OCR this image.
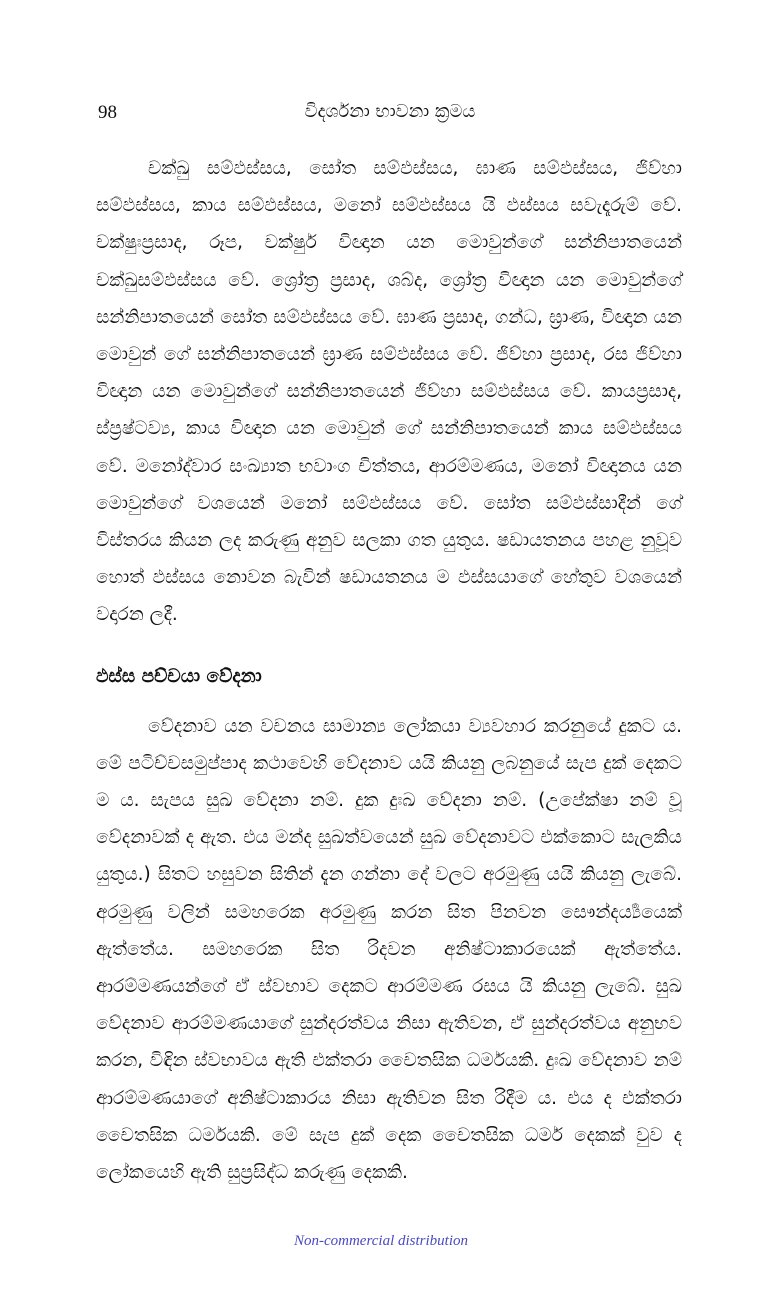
98	විදර්ශනා භාවනා ක්‍රමය

චක්ඛු සම්ඵස්සය, සෝත සම්ඵස්සය, ඝාණ සම්ඵස්සය, ජිව්හා සම්ඵස්සය, කාය සම්ඵස්සය, මනෝ සම්ඵස්සය යි ඵස්සය සවැදෑරුම් වේ. චක්ෂුඃප්‍රසාද, රූප, චක්ෂුර් විඥාන යන මොවුන්ගේ සන්නිපාතයෙන් චක්ඛුසම්ඵස්සය වේ. ශ්‍රෝත්‍ර ප්‍රසාද, ශබ්ද, ශ්‍රෝත්‍ර විඥාන යන මොවුන්ගේ සන්නිපාතයෙන් සෝත සම්ඵස්සය වේ. ඝාණ ප්‍රසාද, ගන්ධ, ඝ්‍රාණ, විඥාන යන මොවුන් ගේ සන්නිපාතයෙන් ඝ්‍රාණ සම්ඵස්සය වේ. ජිව්හා ප්‍රසාද, රස ජිව්හා විඥාන යන මොවුන්ගේ සන්නිපාතයෙන් ජිව්හා සම්ඵස්සය වේ. කායප්‍රසාද, ස්ප්‍රෂ්ටව්‍ය, කාය විඥාන යන මොවුන් ගේ සන්නිපාතයෙන් කාය සම්ඵස්සය වේ. මනෝද්වාර සංඛ්‍යාත භවාංග චිත්තය, ආරම්මණය, මනෝ විඥානය යන මොවුන්ගේ වශයෙන් මනෝ සම්ඵස්සය වේ. සෝත සම්ඵස්සාදීන් ගේ විස්තරය කියන ලද කරුණු අනුව සලකා ගත යුතුය. ෂඩායතනය පහළ නුවූව හොත් ඵස්සය නොවන බැවින් ෂඩායතනය ම ඵස්සයාගේ හේතුව වශයෙන් වදාරන ලදී.

ඵස්ස පච්චයා වේදනා

වේදනාව යන වචනය සාමාන්‍ය ලෝකයා ව්‍යවහාර කරනුයේ දුකට ය. මේ පටිච්චසමුප්පාද කථාවෙහි වේදනාව යයි කියනු ලබනුයේ සැප දුක් දෙකට ම ය. සැපය සුඛ වේදනා නම්. දුක දුඃඛ වේදනා නම්. (උපේක්ෂා නම් වූ වේදනාවක් ද ඇත. එය මන්ද සුඛත්වයෙන් සුඛ වේදනාවට එක්කොට සැලකිය යුතුය.) සිතට හසුවන සිතින් දැන ගන්නා දේ වලට අරමුණු යයි කියනු ලැබේ. අරමුණු වලින් සමහරෙක අරමුණු කරන සිත පිනවන සෞන්දර්‍ය්‍යයෙක් ඇත්තේය. සමහරෙක සිත රිදවන අනිෂ්ටාකාරයෙක් ඇත්තේය. ආරම්මණයන්ගේ ඒ ස්වභාව දෙකට ආරම්මණ රසය යි කියනු ලැබේ. සුඛ වේදනාව ආරම්මණයාගේ සුන්දරත්වය නිසා ඇතිවන, ඒ සුන්දරත්වය අනුභව කරන, විඳින ස්වභාවය ඇති එක්තරා චෛතසික ධර්මයකි. දුඃඛ වේදනාව නම් ආරම්මණයාගේ අනිෂ්ටාකාරය නිසා ඇතිවන සිත රිදීම ය. එය ද එක්තරා චෛතසික ධර්මයකි. මේ සැප දුක් දෙක චෛතසික ධර්ම දෙකක් වුව ද ලෝකයෙහි ඇති සුප්‍රසිද්ධ කරුණු දෙකකි.

Non-commercial distribution
